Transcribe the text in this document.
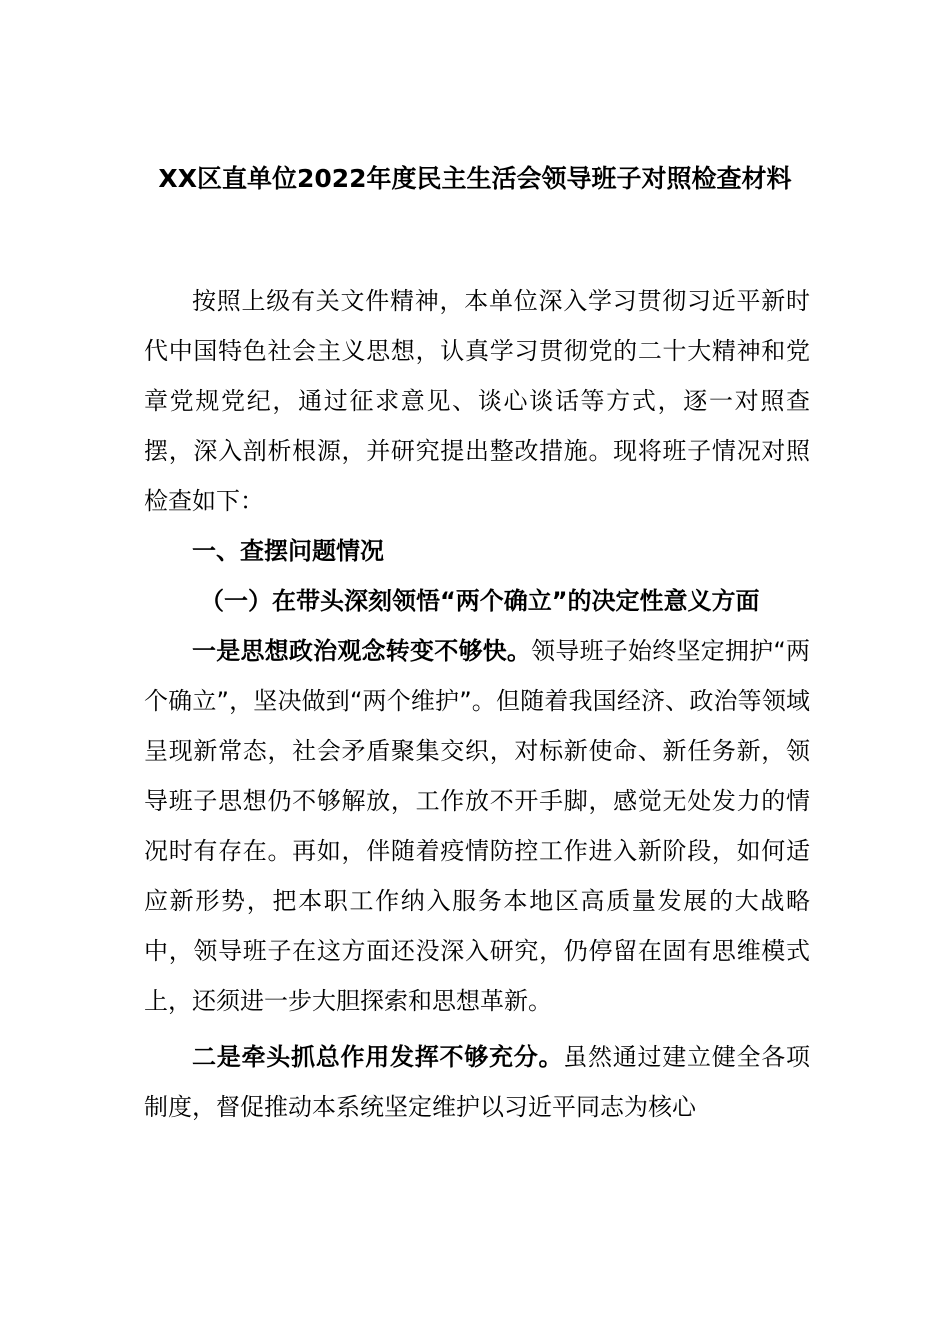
XX区直单位2022年度民主生活会领导班子对照检查材料

按照上级有关文件精神，本单位深入学习贯彻习近平新时代中国特色社会主义思想，认真学习贯彻党的二十大精神和党章党规党纪，通过征求意见、谈心谈话等方式，逐一对照查摆，深入剖析根源，并研究提出整改措施。现将班子情况对照检查如下：

一、查摆问题情况

（一）在带头深刻领悟“两个确立”的决定性意义方面

一是思想政治观念转变不够快。领导班子始终坚定拥护“两个确立”，坚决做到“两个维护”。但随着我国经济、政治等领域呈现新常态，社会矛盾聚集交织，对标新使命、新任务新，领导班子思想仍不够解放，工作放不开手脚，感觉无处发力的情况时有存在。再如，伴随着疫情防控工作进入新阶段，如何适应新形势，把本职工作纳入服务本地区高质量发展的大战略中，领导班子在这方面还没深入研究，仍停留在固有思维模式上，还须进一步大胆探索和思想革新。

二是牵头抓总作用发挥不够充分。虽然通过建立健全各项制度，督促推动本系统坚定维护以习近平同志为核心
